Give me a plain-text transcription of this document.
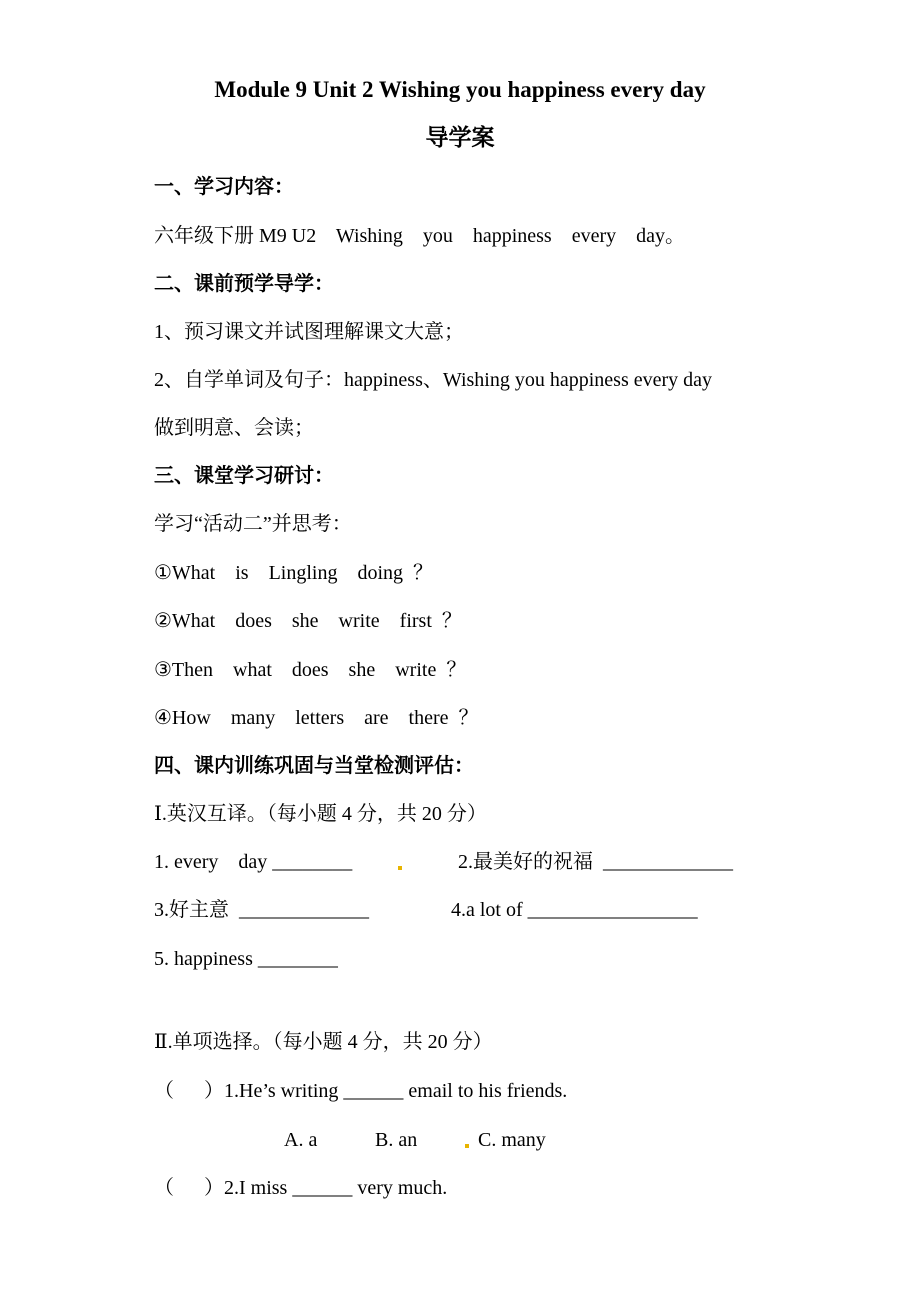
Module 9 Unit 2 Wishing you happiness every day
导学案
一、学习内容：
六年级下册 M9 U2    Wishing    you    happiness    every    day。
二、课前预学导学：
1、预习课文并试图理解课文大意；
2、自学单词及句子：happiness、Wishing you happiness every day
做到明意、会读；
三、课堂学习研讨：
学习“活动二”并思考：
①What    is    Lingling    doing  ？
②What    does    she    write    first  ？
③Then    what    does    she    write  ？
④How    many    letters    are    there  ？
四、课内训练巩固与当堂检测评估：
Ⅰ.英汉互译。（每小题 4 分，共 20 分）
1. every    day ________	2.最美好的祝福  _____________
3.好主意  _____________	4.a lot of _________________
5. happiness ________
Ⅱ.单项选择。（每小题 4 分，共 20 分）
（      ）1.He’s writing ______ email to his friends.
A. a	B. an	C. many
（      ）2.I miss ______ very much.
